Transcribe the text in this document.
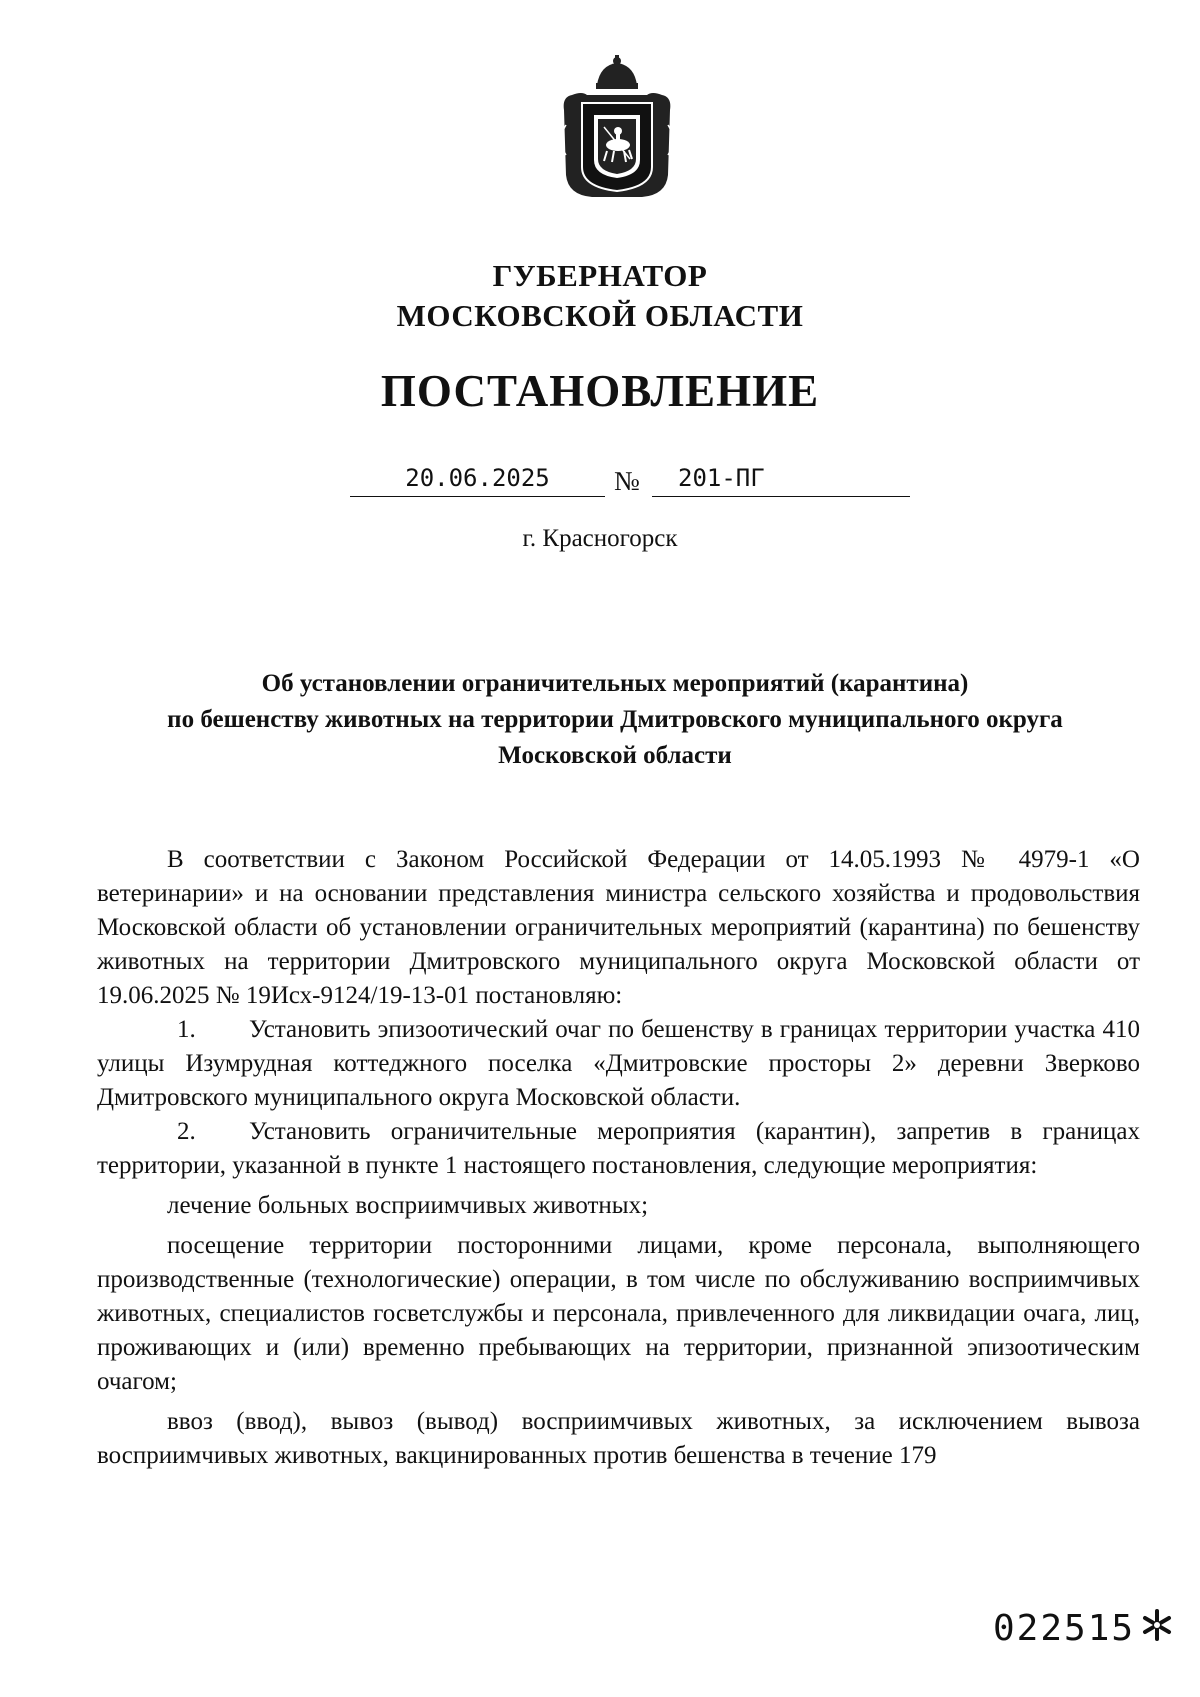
ГУБЕРНАТОР
МОСКОВСКОЙ ОБЛАСТИ
ПОСТАНОВЛЕНИЕ
20.06.2025	№	201-ПГ
г. Красногорск
Об установлении ограничительных мероприятий (карантина)
по бешенству животных на территории Дмитровского муниципального округа
Московской области

В соответствии с Законом Российской Федерации от 14.05.1993 № 4979-1 «О ветеринарии» и на основании представления министра сельского хозяйства и продовольствия Московской области об установлении ограничительных мероприятий (карантина) по бешенству животных на территории Дмитровского муниципального округа Московской области от 19.06.2025 № 19Исх-9124/19-13-01 постановляю:

1. Установить эпизоотический очаг по бешенству в границах территории участка 410 улицы Изумрудная коттеджного поселка «Дмитровские просторы 2» деревни Зверково Дмитровского муниципального округа Московской области.

2. Установить ограничительные мероприятия (карантин), запретив в границах территории, указанной в пункте 1 настоящего постановления, следующие мероприятия:

лечение больных восприимчивых животных;

посещение территории посторонними лицами, кроме персонала, выполняющего производственные (технологические) операции, в том числе по обслуживанию восприимчивых животных, специалистов госветслужбы и персонала, привлеченного для ликвидации очага, лиц, проживающих и (или) временно пребывающих на территории, признанной эпизоотическим очагом;

ввоз (ввод), вывоз (вывод) восприимчивых животных, за исключением вывоза восприимчивых животных, вакцинированных против бешенства в течение 179

022515
